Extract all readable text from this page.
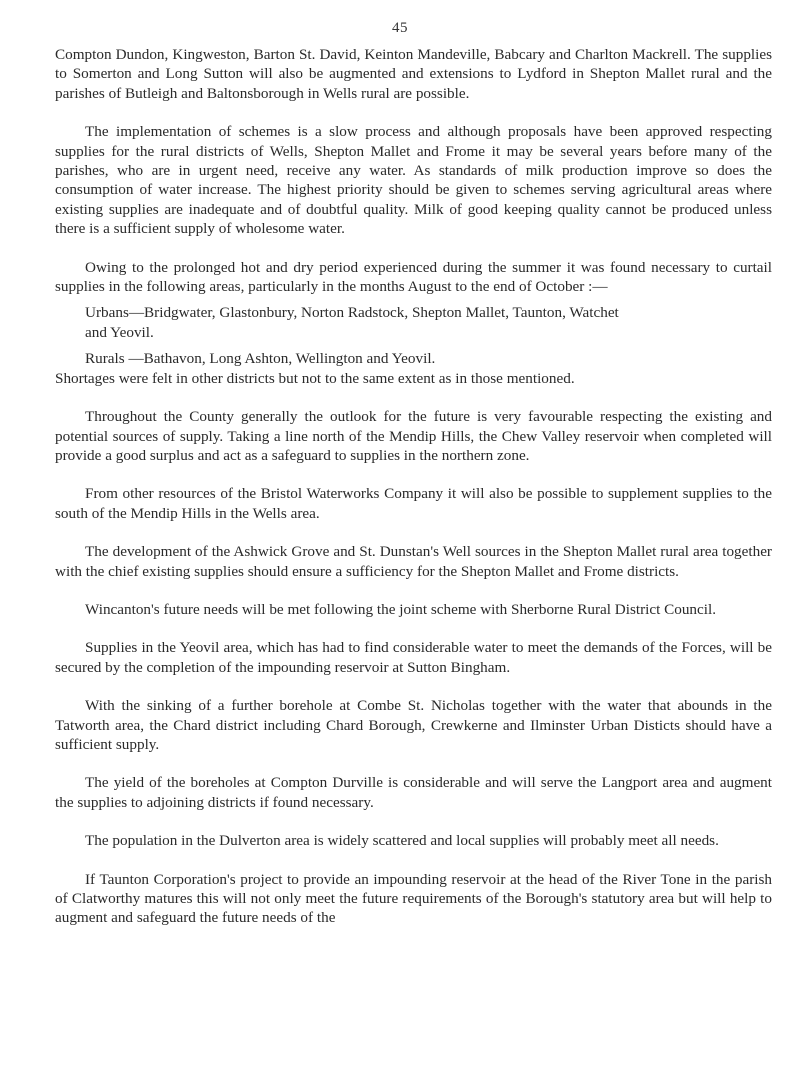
45

Compton Dundon, Kingweston, Barton St. David, Keinton Mandeville, Babcary and Charlton Mackrell. The supplies to Somerton and Long Sutton will also be augmented and extensions to Lydford in Shepton Mallet rural and the parishes of Butleigh and Baltonsborough in Wells rural are possible.

The implementation of schemes is a slow process and although proposals have been approved respecting supplies for the rural districts of Wells, Shepton Mallet and Frome it may be several years before many of the parishes, who are in urgent need, receive any water. As standards of milk production improve so does the consumption of water increase. The highest priority should be given to schemes serving agricultural areas where existing supplies are inadequate and of doubtful quality. Milk of good keeping quality cannot be produced unless there is a sufficient supply of wholesome water.

Owing to the prolonged hot and dry period experienced during the summer it was found necessary to curtail supplies in the following areas, particularly in the months August to the end of October :—

Urbans—Bridgwater, Glastonbury, Norton Radstock, Shepton Mallet, Taunton, Watchet
and Yeovil.

Rurals —Bathavon, Long Ashton, Wellington and Yeovil.

Shortages were felt in other districts but not to the same extent as in those mentioned.

Throughout the County generally the outlook for the future is very favourable respecting the existing and potential sources of supply. Taking a line north of the Mendip Hills, the Chew Valley reservoir when completed will provide a good surplus and act as a safeguard to supplies in the northern zone.

From other resources of the Bristol Waterworks Company it will also be possible to supplement supplies to the south of the Mendip Hills in the Wells area.

The development of the Ashwick Grove and St. Dunstan's Well sources in the Shepton Mallet rural area together with the chief existing supplies should ensure a sufficiency for the Shepton Mallet and Frome districts.

Wincanton's future needs will be met following the joint scheme with Sherborne Rural District Council.

Supplies in the Yeovil area, which has had to find considerable water to meet the demands of the Forces, will be secured by the completion of the impounding reservoir at Sutton Bingham.

With the sinking of a further borehole at Combe St. Nicholas together with the water that abounds in the Tatworth area, the Chard district including Chard Borough, Crewkerne and Ilminster Urban Disticts should have a sufficient supply.

The yield of the boreholes at Compton Durville is considerable and will serve the Langport area and augment the supplies to adjoining districts if found necessary.

The population in the Dulverton area is widely scattered and local supplies will probably meet all needs.

If Taunton Corporation's project to provide an impounding reservoir at the head of the River Tone in the parish of Clatworthy matures this will not only meet the future requirements of the Borough's statutory area but will help to augment and safeguard the future needs of the
